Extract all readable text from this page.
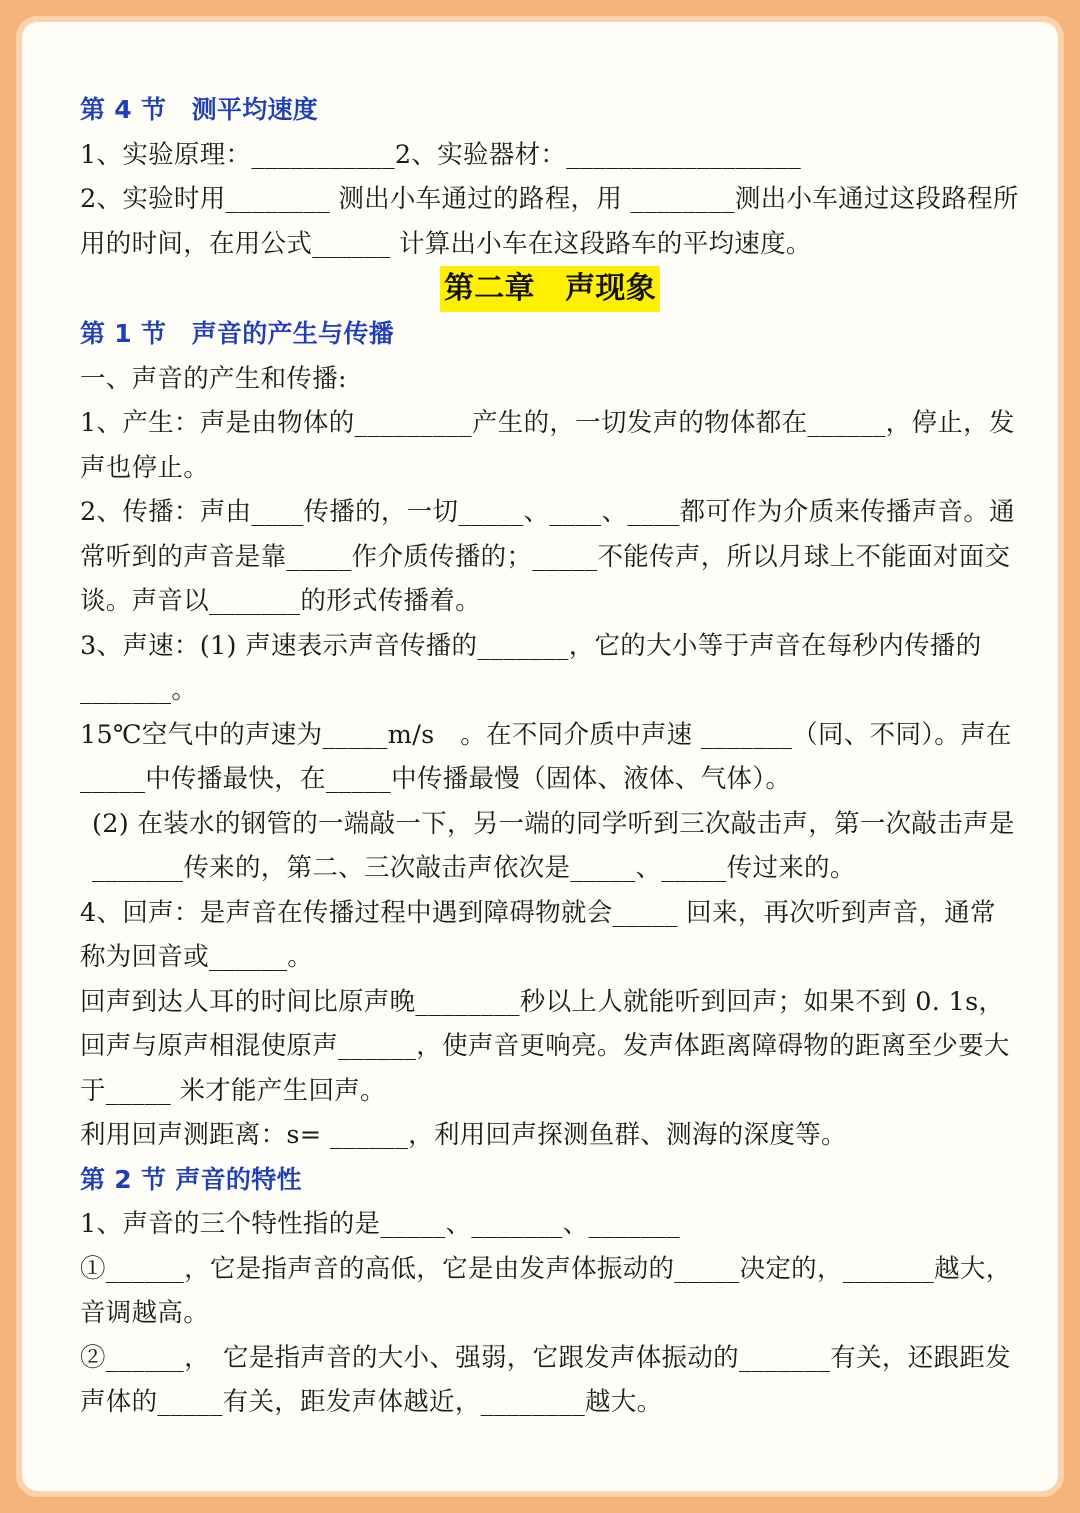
第 4 节　测平均速度

1、实验原理：___________2、实验器材：__________________

2、实验时用________ 测出小车通过的路程，用 ________测出小车通过这段路程所用的时间，在用公式______ 计算出小车在这段路车的平均速度。

第二章　声现象

第 1 节　声音的产生与传播

一、声音的产生和传播:

1、产生：声是由物体的_________产生的，一切发声的物体都在______，停止，发声也停止。

2、传播：声由____传播的，一切_____、____、____都可作为介质来传播声音。通常听到的声音是靠_____作介质传播的；_____不能传声，所以月球上不能面对面交谈。声音以_______的形式传播着。

3、声速：(1) 声速表示声音传播的_______，它的大小等于声音在每秒内传播的_______。

15℃空气中的声速为_____m/s　。在不同介质中声速 _______（同、不同）。声在_____中传播最快，在_____中传播最慢（固体、液体、气体）。

(2) 在装水的钢管的一端敲一下，另一端的同学听到三次敲击声，第一次敲击声是_______传来的，第二、三次敲击声依次是_____、_____传过来的。

4、回声：是声音在传播过程中遇到障碍物就会_____ 回来，再次听到声音，通常称为回音或______。

回声到达人耳的时间比原声晚________秒以上人就能听到回声；如果不到 0. 1s，回声与原声相混使原声______，使声音更响亮。发声体距离障碍物的距离至少要大于_____ 米才能产生回声。

利用回声测距离：s= ______，利用回声探测鱼群、测海的深度等。

第 2 节 声音的特性

1、声音的三个特性指的是_____、_______、_______

①______，它是指声音的高低，它是由发声体振动的_____决定的，_______越大，音调越高。

②______，　它是指声音的大小、强弱，它跟发声体振动的_______有关，还跟距发声体的_____有关，距发声体越近，________越大。
